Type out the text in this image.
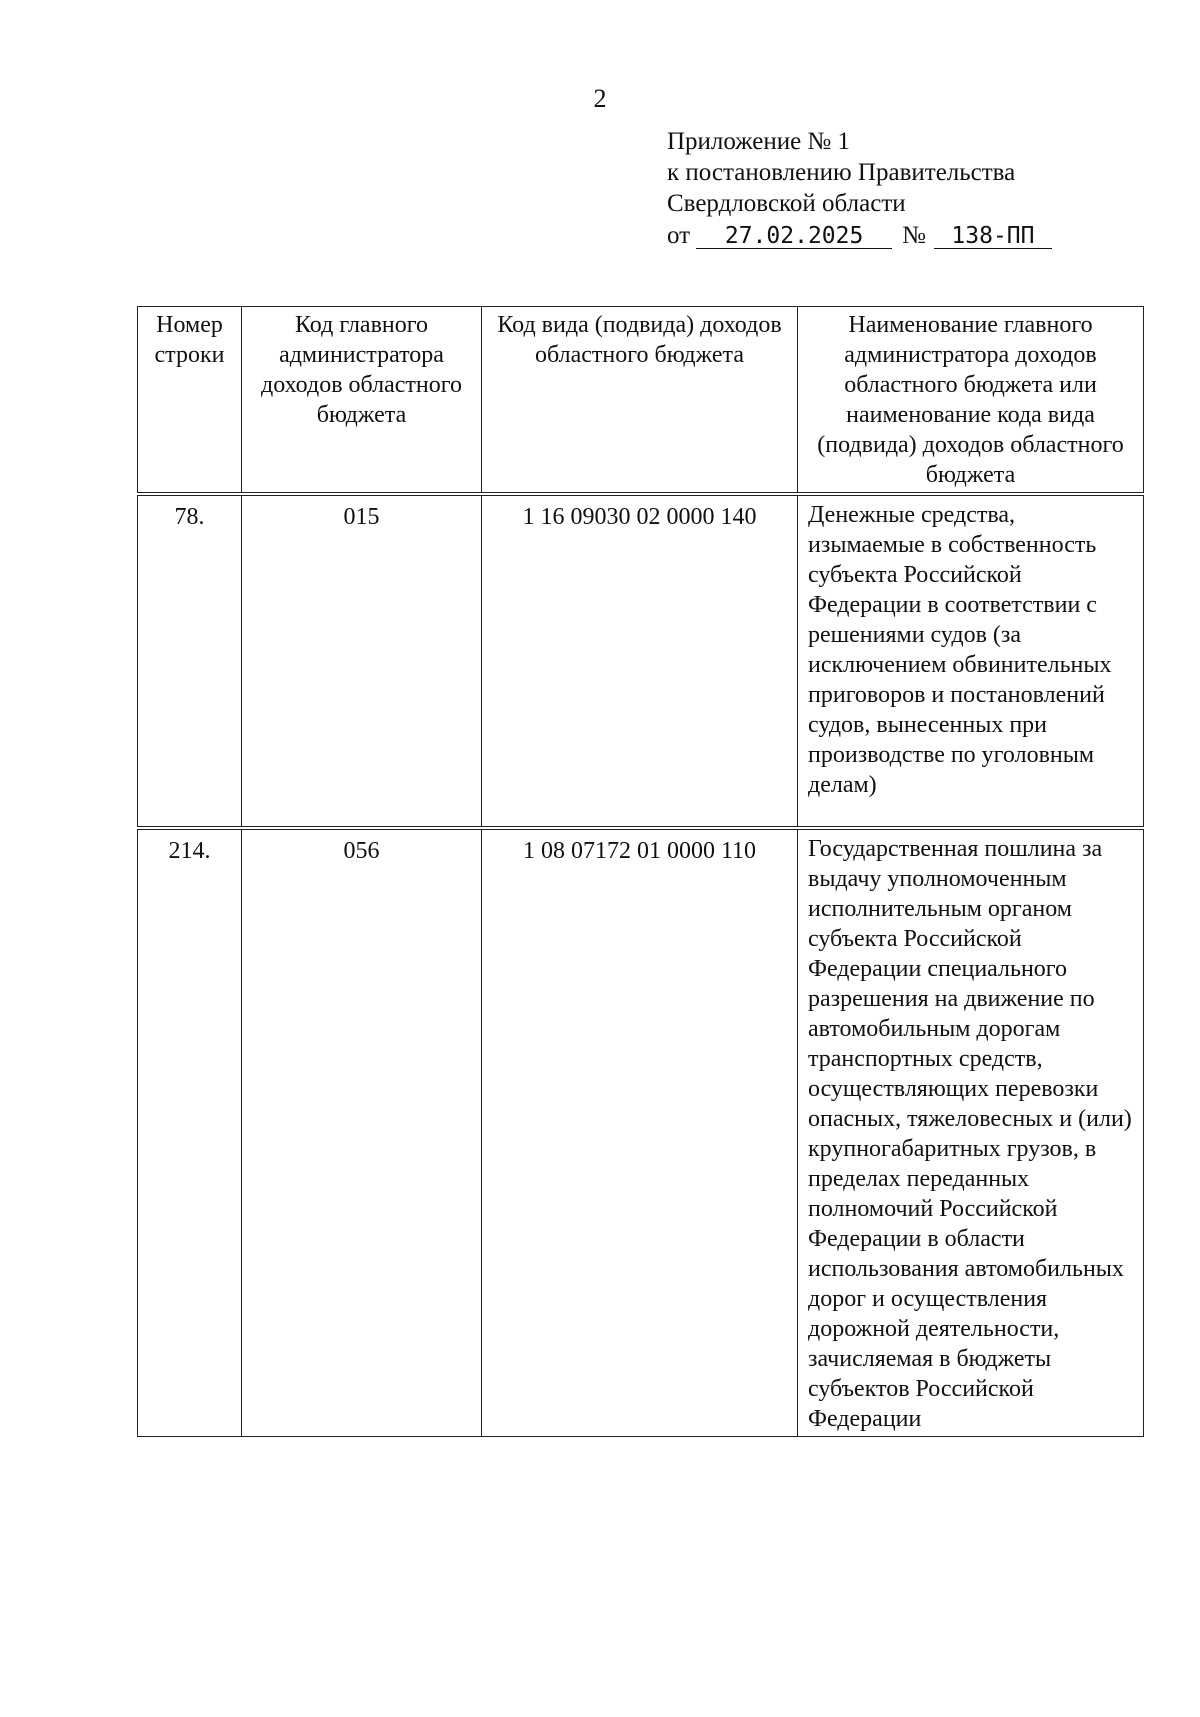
2
Приложение № 1
к постановлению Правительства
Свердловской области
от 27.02.2025 № 138-ПП
Номер строки	Код главного администратора доходов областного бюджета	Код вида (подвида) доходов областного бюджета	Наименование главного администратора доходов областного бюджета или наименование кода вида (подвида) доходов областного бюджета

78.	015	1 16 09030 02 0000 140	Денежные средства, изымаемые в собственность субъекта Российской Федерации в соответствии с решениями судов (за исключением обвинительных приговоров и постановлений судов, вынесенных при производстве по уголовным делам)

214.	056	1 08 07172 01 0000 110	Государственная пошлина за выдачу уполномоченным исполнительным органом субъекта Российской Федерации специального разрешения на движение по автомобильным дорогам транспортных средств, осуществляющих перевозки опасных, тяжеловесных и (или) крупногабаритных грузов, в пределах переданных полномочий Российской Федерации в области использования автомобильных дорог и осуществления дорожной деятельности, зачисляемая в бюджеты субъектов Российской Федерации
